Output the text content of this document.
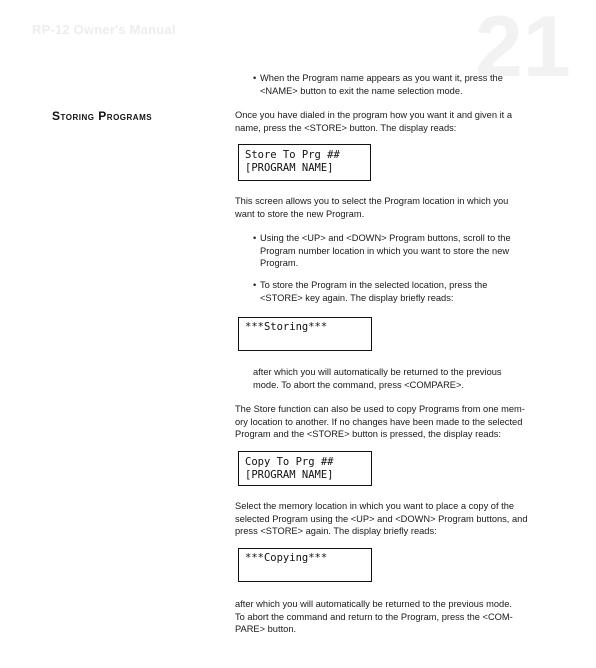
RP-12 Owner's Manual	21
Storing Programs

• When the Program name appears as you want it, press the
<NAME> button to exit the name selection mode.

Once you have dialed in the program how you want it and given it a
name, press the <STORE> button. The display reads:

Store To Prg ##
[PROGRAM NAME]

This screen allows you to select the Program location in which you
want to store the new Program.

• Using the <UP> and <DOWN> Program buttons, scroll to the
Program number location in which you want to store the new
Program.

• To store the Program in the selected location, press the
<STORE> key again. The display briefly reads:

***Storing***

after which you will automatically be returned to the previous
mode. To abort the command, press <COMPARE>.

The Store function can also be used to copy Programs from one mem-
ory location to another. If no changes have been made to the selected
Program and the <STORE> button is pressed, the display reads:

Copy To Prg ##
[PROGRAM NAME]

Select the memory location in which you want to place a copy of the
selected Program using the <UP> and <DOWN> Program buttons, and
press <STORE> again. The display briefly reads:

***Copying***

after which you will automatically be returned to the previous mode.
To abort the command and return to the Program, press the <COM-
PARE> button.
